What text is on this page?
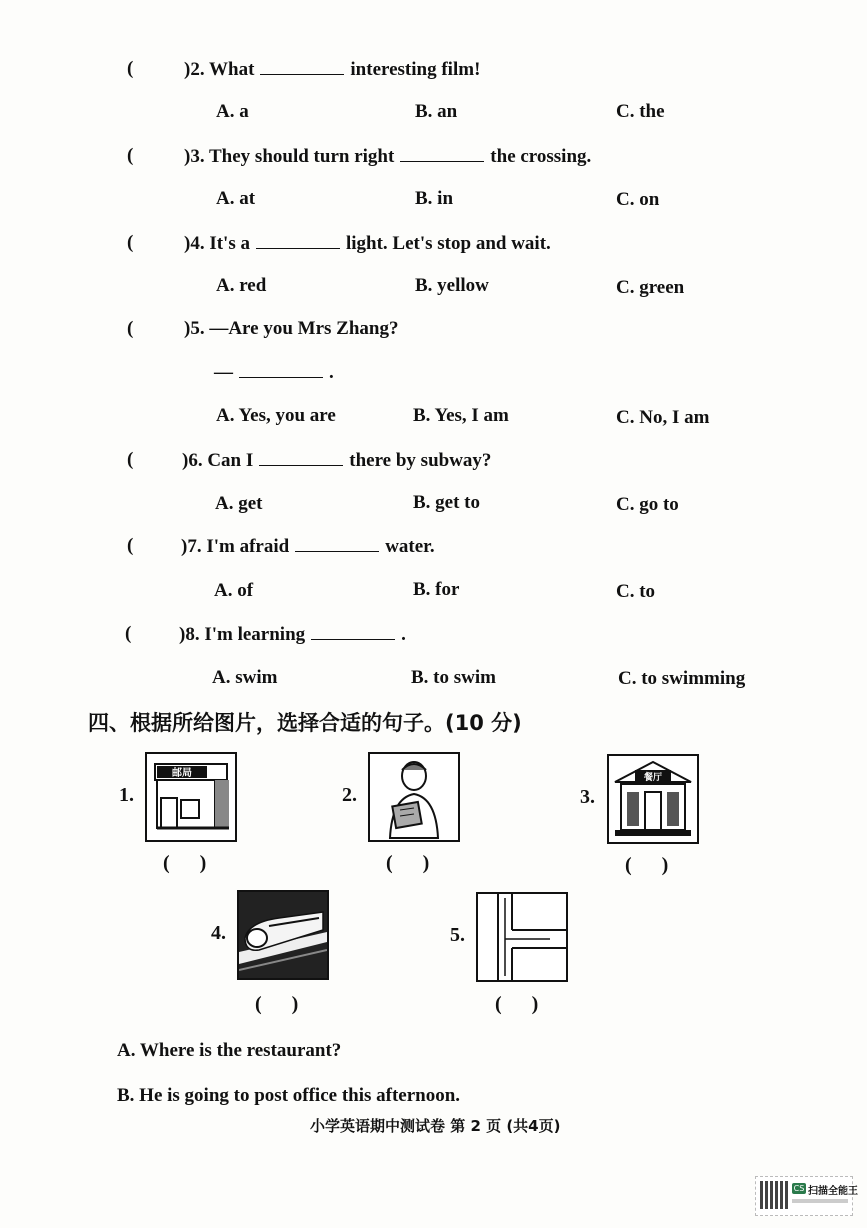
(	)2. What	interesting film!
A. a	B. an	C. the
(	)3. They should turn right	the crossing.
A. at	B. in	C. on
(	)4. It's a	light. Let's stop and wait.
A. red	B. yellow	C. green
(	)5. —Are you Mrs Zhang?
—	.
A. Yes, you are	B. Yes, I am	C. No, I am
(	)6. Can I	there by subway?
A. get	B. get to	C. go to
(	)7. I'm afraid	water.
A. of	B. for	C. to
(	)8. I'm learning	.
A. swim	B. to swim	C. to swimming
四、根据所给图片，选择合适的句子。(10 分)
1.
邮局
(      )
2.
(      )
3.
餐厅
(      )
4.
(      )
5.
(      )
A. Where is the restaurant?
B. He is going to post office this afternoon.
小学英语期中测试卷 第 2 页 (共4页)
CS 扫描全能王
